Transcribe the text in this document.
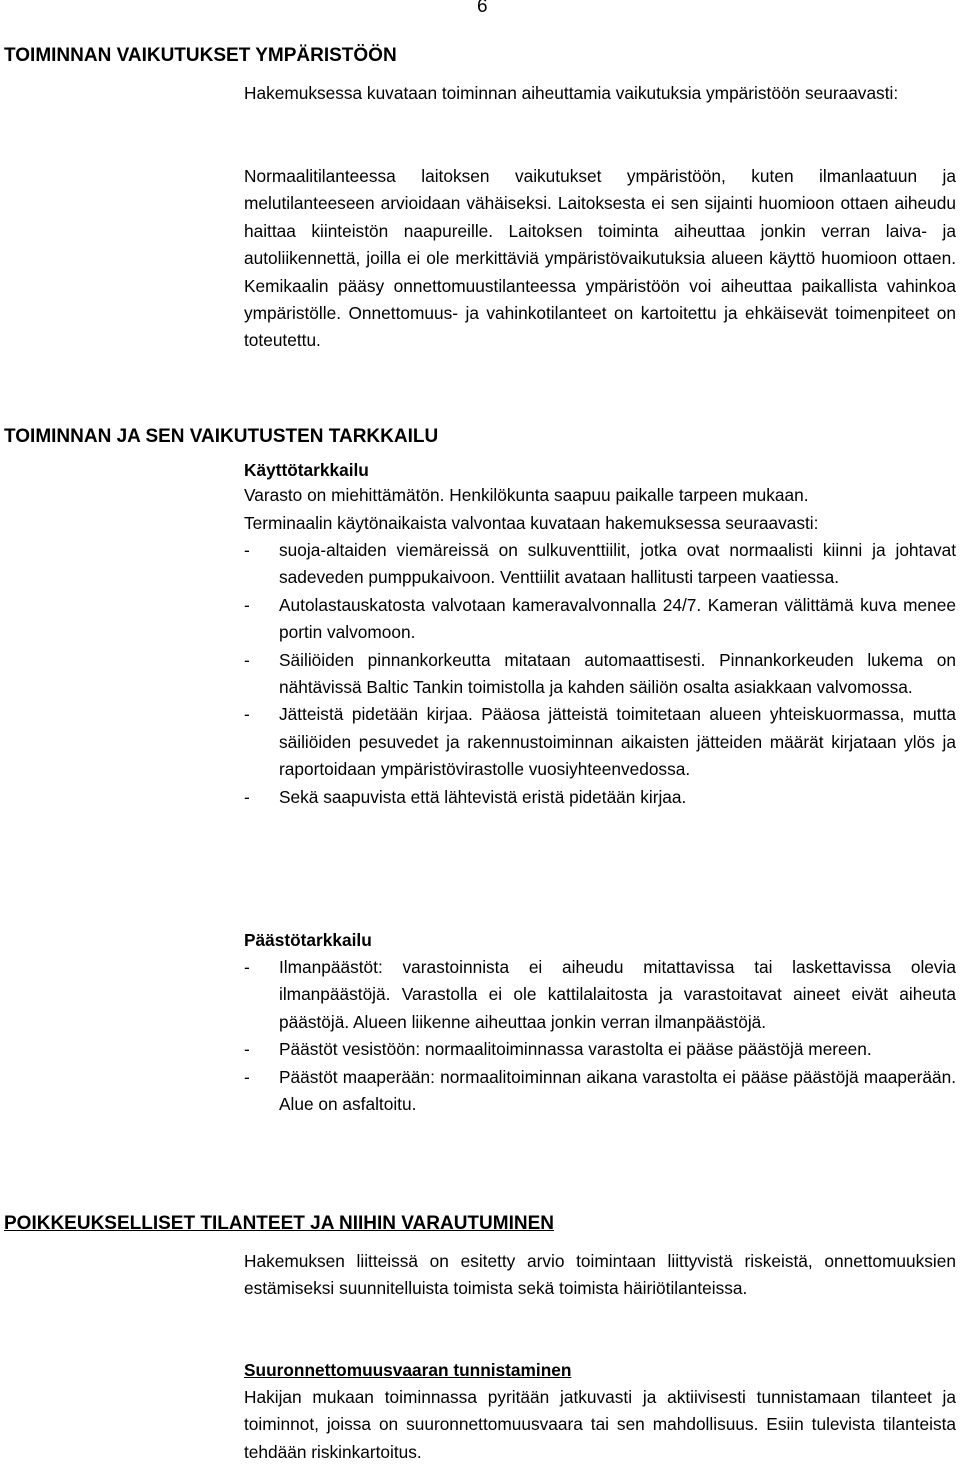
6
TOIMINNAN VAIKUTUKSET YMPÄRISTÖÖN

Hakemuksessa kuvataan toiminnan aiheuttamia vaikutuksia ympäristöön seuraavasti:

Normaalitilanteessa laitoksen vaikutukset ympäristöön, kuten ilmanlaatuun ja melutilanteeseen arvioidaan vähäiseksi. Laitoksesta ei sen sijainti huomioon ottaen aiheudu haittaa kiinteistön naapureille. Laitoksen toiminta aiheuttaa jonkin verran laiva- ja autoliikennettä, joilla ei ole merkittäviä ympäristövaikutuksia alueen käyttö huomioon ottaen. Kemikaalin pääsy onnettomuustilanteessa ympäristöön voi aiheuttaa paikallista vahinkoa ympäristölle. Onnettomuus- ja vahinkotilanteet on kartoitettu ja ehkäisevät toimenpiteet on toteutettu.

TOIMINNAN JA SEN VAIKUTUSTEN TARKKAILU
Käyttötarkkailu

Varasto on miehittämätön. Henkilökunta saapuu paikalle tarpeen mukaan.

Terminaalin käytönaikaista valvontaa kuvataan hakemuksessa seuraavasti:

- suoja-altaiden viemäreissä on sulkuventtiilit, jotka ovat normaalisti kiinni ja johtavat sadeveden pumppukaivoon. Venttiilit avataan hallitusti tarpeen vaatiessa.
- Autolastauskatosta valvotaan kameravalvonnalla 24/7. Kameran välittämä kuva menee portin valvomoon.
- Säiliöiden pinnankorkeutta mitataan automaattisesti. Pinnankorkeuden lukema on nähtävissä Baltic Tankin toimistolla ja kahden säiliön osalta asiakkaan valvomossa.
- Jätteistä pidetään kirjaa. Pääosa jätteistä toimitetaan alueen yhteiskuormassa, mutta säiliöiden pesuvedet ja rakennustoiminnan aikaisten jätteiden määrät kirjataan ylös ja raportoidaan ympäristövirastolle vuosiyhteenvedossa.
- Sekä saapuvista että lähtevistä eristä pidetään kirjaa.
Päästötarkkailu
- Ilmanpäästöt: varastoinnista ei aiheudu mitattavissa tai laskettavissa olevia ilmanpäästöjä. Varastolla ei ole kattilalaitosta ja varastoitavat aineet eivät aiheuta päästöjä. Alueen liikenne aiheuttaa jonkin verran ilmanpäästöjä.
- Päästöt vesistöön: normaalitoiminnassa varastolta ei pääse päästöjä mereen.
- Päästöt maaperään: normaalitoiminnan aikana varastolta ei pääse päästöjä maaperään. Alue on asfaltoitu.
POIKKEUKSELLISET TILANTEET JA NIIHIN VARAUTUMINEN

Hakemuksen liitteissä on esitetty arvio toimintaan liittyvistä riskeistä, onnettomuuksien estämiseksi suunnitelluista toimista sekä toimista häiriötilanteissa.

Suuronnettomuusvaaran tunnistaminen

Hakijan mukaan toiminnassa pyritään jatkuvasti ja aktiivisesti tunnistamaan tilanteet ja toiminnot, joissa on suuronnettomuusvaara tai sen mahdollisuus. Esiin tulevista tilanteista tehdään riskinkartoitus.
